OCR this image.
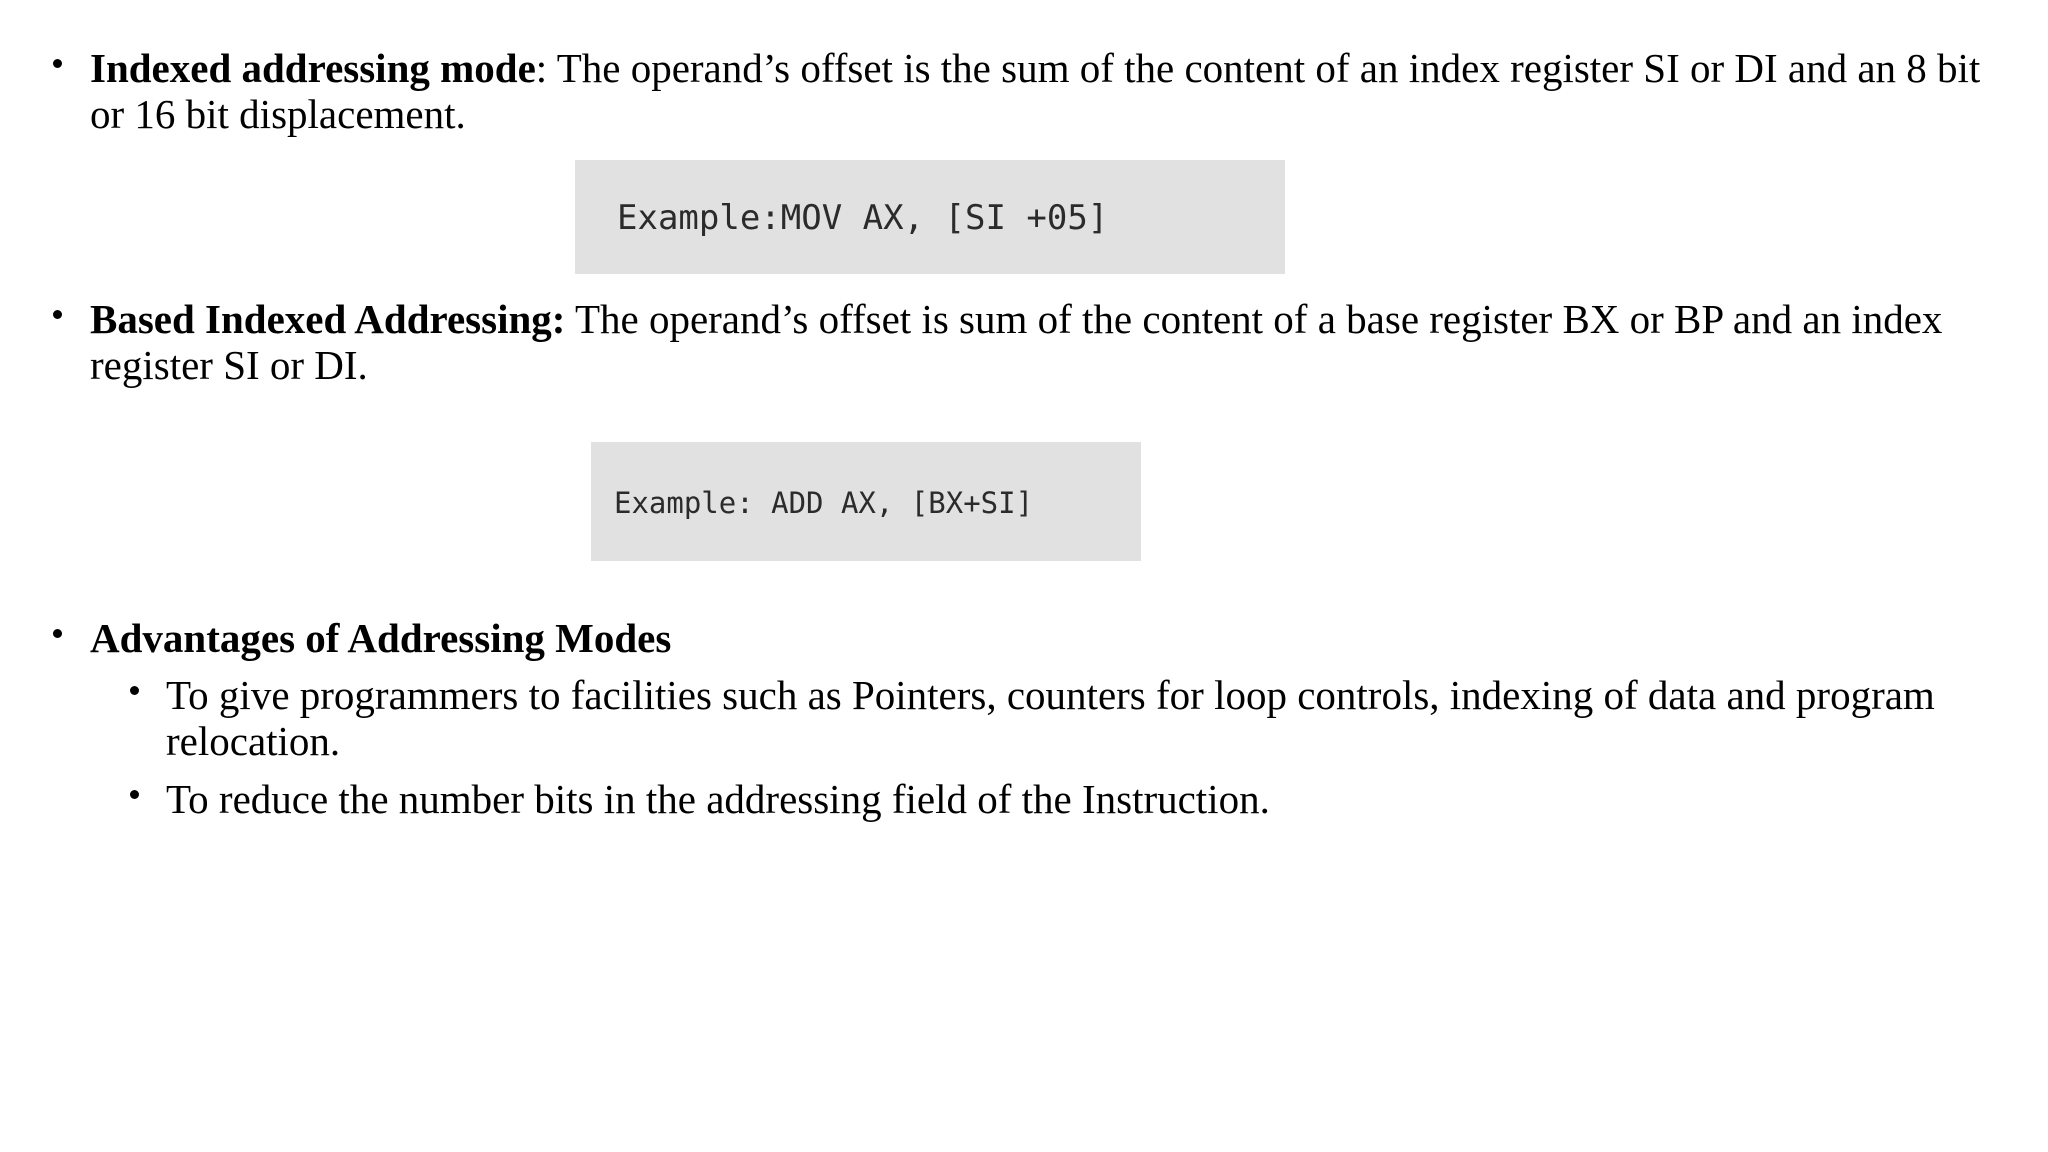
Indexed addressing mode: The operand’s offset is the sum of the content of an index register SI or DI and an 8 bit or 16 bit displacement.
Example:MOV AX, [SI +05]
Based Indexed Addressing: The operand’s offset is sum of the content of a base register BX or BP and an index register SI or DI.
Example: ADD AX, [BX+SI]
Advantages of Addressing Modes
To give programmers to facilities such as Pointers, counters for loop controls, indexing of data and program relocation.
To reduce the number bits in the addressing field of the Instruction.
